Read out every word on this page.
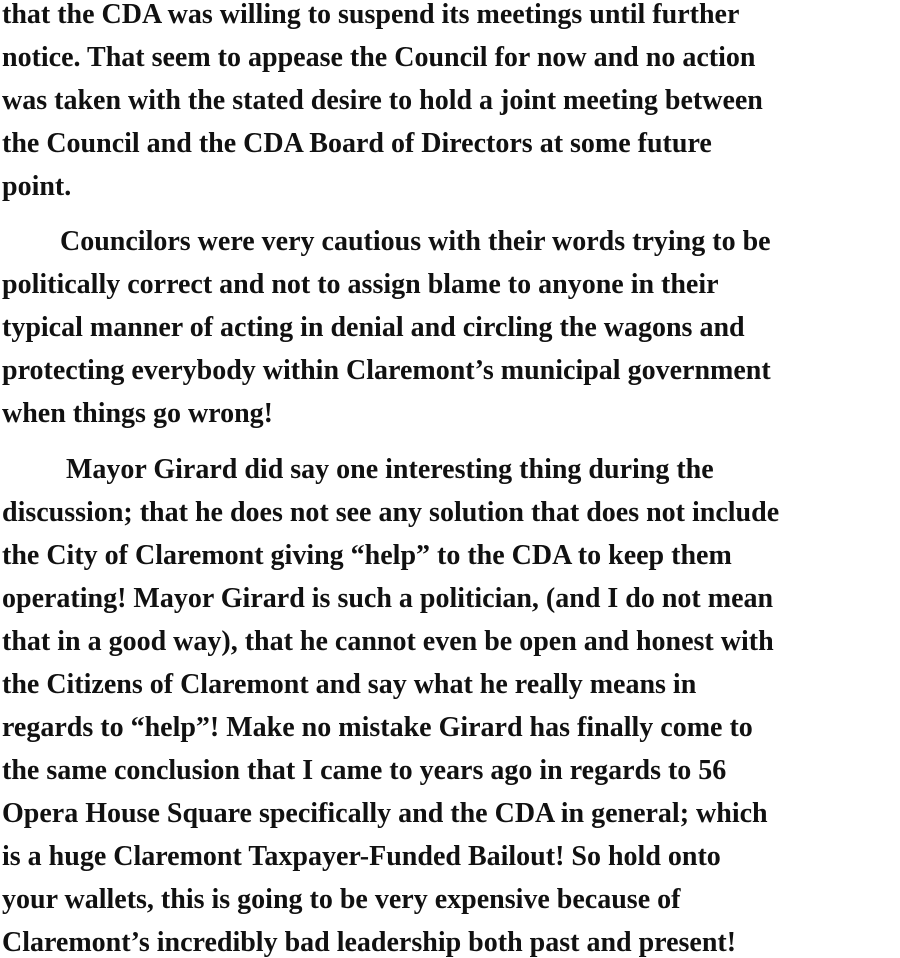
that the CDA was willing to suspend its meetings until further
notice. That seem to appease the Council for now and no action
was taken with the stated desire to hold a joint meeting between
the Council and the CDA Board of Directors at some future
point.

Councilors were very cautious with their words trying to be
politically correct and not to assign blame to anyone in their
typical manner of acting in denial and circling the wagons and
protecting everybody within Claremont’s municipal government
when things go wrong!

Mayor Girard did say one interesting thing during the
discussion; that he does not see any solution that does not include
the City of Claremont giving “help” to the CDA to keep them
operating! Mayor Girard is such a politician, (and I do not mean
that in a good way), that he cannot even be open and honest with
the Citizens of Claremont and say what he really means in
regards to “help”! Make no mistake Girard has finally come to
the same conclusion that I came to years ago in regards to 56
Opera House Square specifically and the CDA in general; which
is a huge Claremont Taxpayer-Funded Bailout! So hold onto
your wallets, this is going to be very expensive because of
Claremont’s incredibly bad leadership both past and present!
